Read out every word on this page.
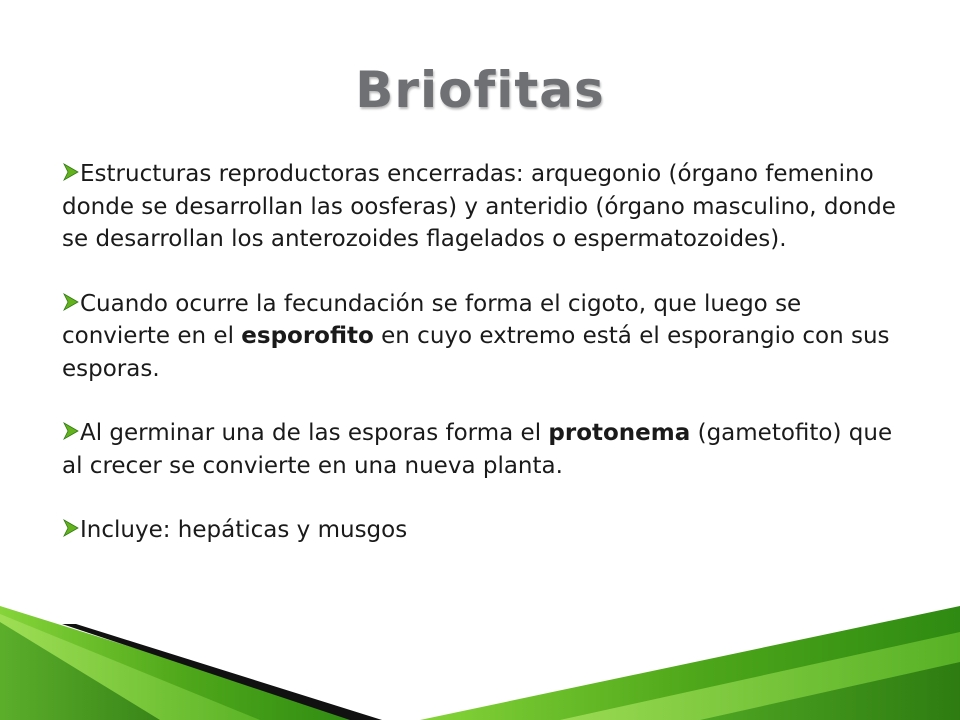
Briofitas
Estructuras reproductoras encerradas: arquegonio (órgano femenino donde se desarrollan las oosferas) y anteridio (órgano masculino, donde se desarrollan los anterozoides flagelados o espermatozoides).
Cuando ocurre la fecundación se forma el cigoto, que luego se convierte en el esporofito en cuyo extremo está el esporangio con sus esporas.
Al germinar una de las esporas forma el protonema (gametofito) que al crecer se convierte en una nueva planta.
Incluye: hepáticas y musgos
